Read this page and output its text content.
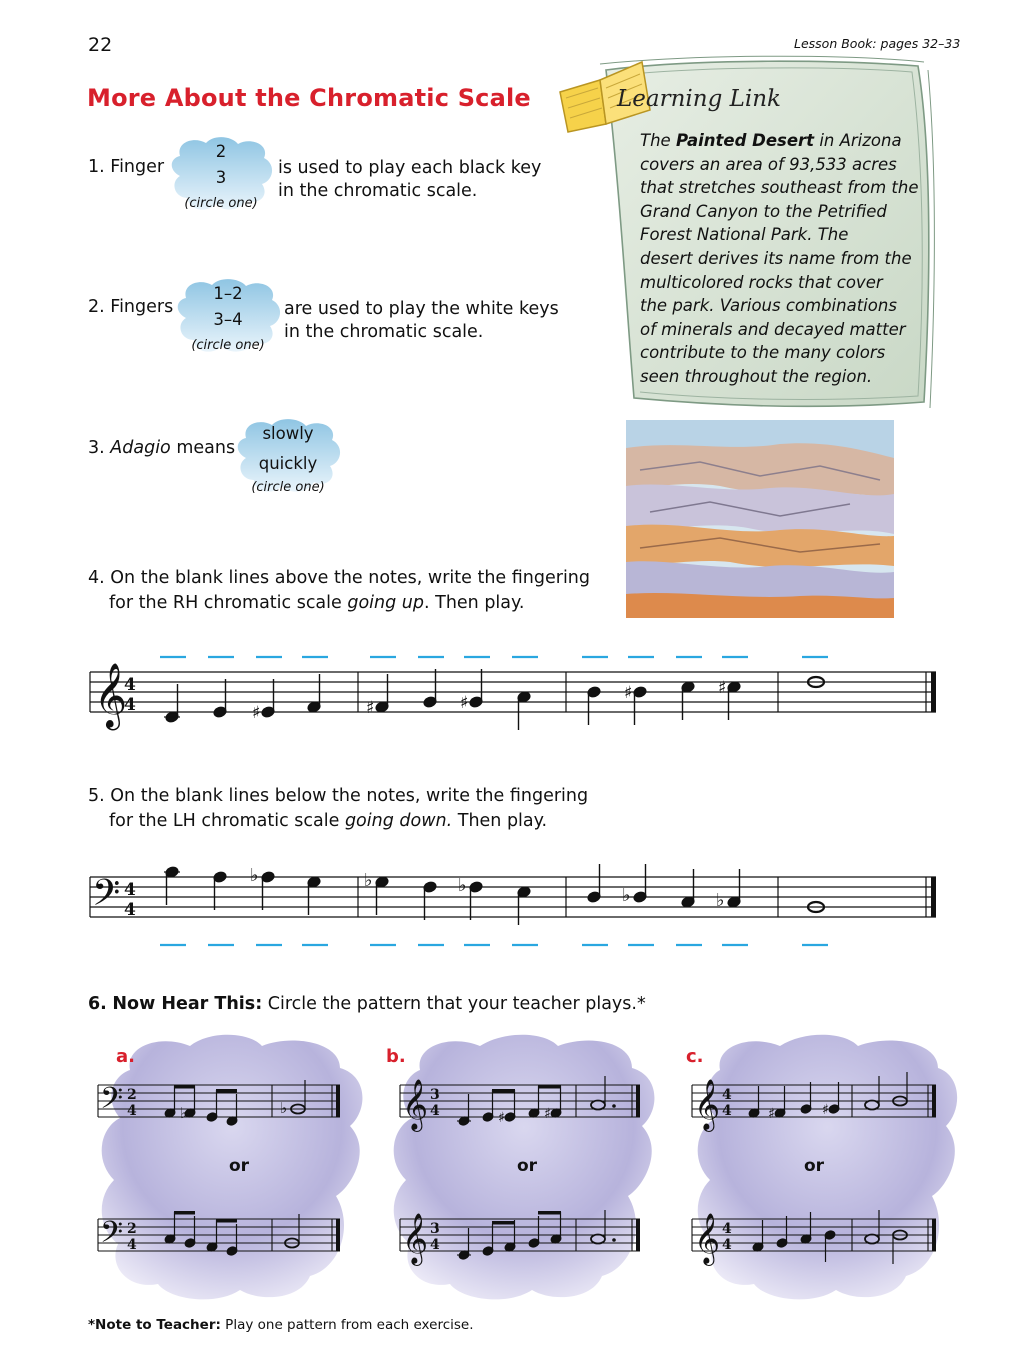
22	Lesson Book: pages 32–33
More About the Chromatic Scale
1. Finger
2
3
(circle one)
is used to play each black key
in the chromatic scale.
2. Fingers
1–2
3–4
(circle one)
are used to play the white keys
in the chromatic scale.
3. Adagio means
slowly
quickly
(circle one)
4. On the blank lines above the notes, write the fingering
for the RH chromatic scale going up. Then play.
𝄞
4
4	♯	♯	♯	♯	♯
𝄢 4
4
♭	♭	♭	♭	♭
5. On the blank lines below the notes, write the fingering
for the LH chromatic scale going down. Then play.
6. Now Hear This: Circle the pattern that your teacher plays.*
𝄢 2
4	♭	♭
𝄢 2
4
𝄞 3
4	♯	♯
𝄞 3
4
𝄞 4
4	♯	♯
𝄞 4
4
a.	b.	c.
or	or	or
Learning Link
The Painted Desert in Arizona
covers an area of 93,533 acres
that stretches southeast from the
Grand Canyon to the Petrified
Forest National Park. The
desert derives its name from the
multicolored rocks that cover
the park. Various combinations
of minerals and decayed matter
contribute to the many colors
seen throughout the region.
*Note to Teacher: Play one pattern from each exercise.
